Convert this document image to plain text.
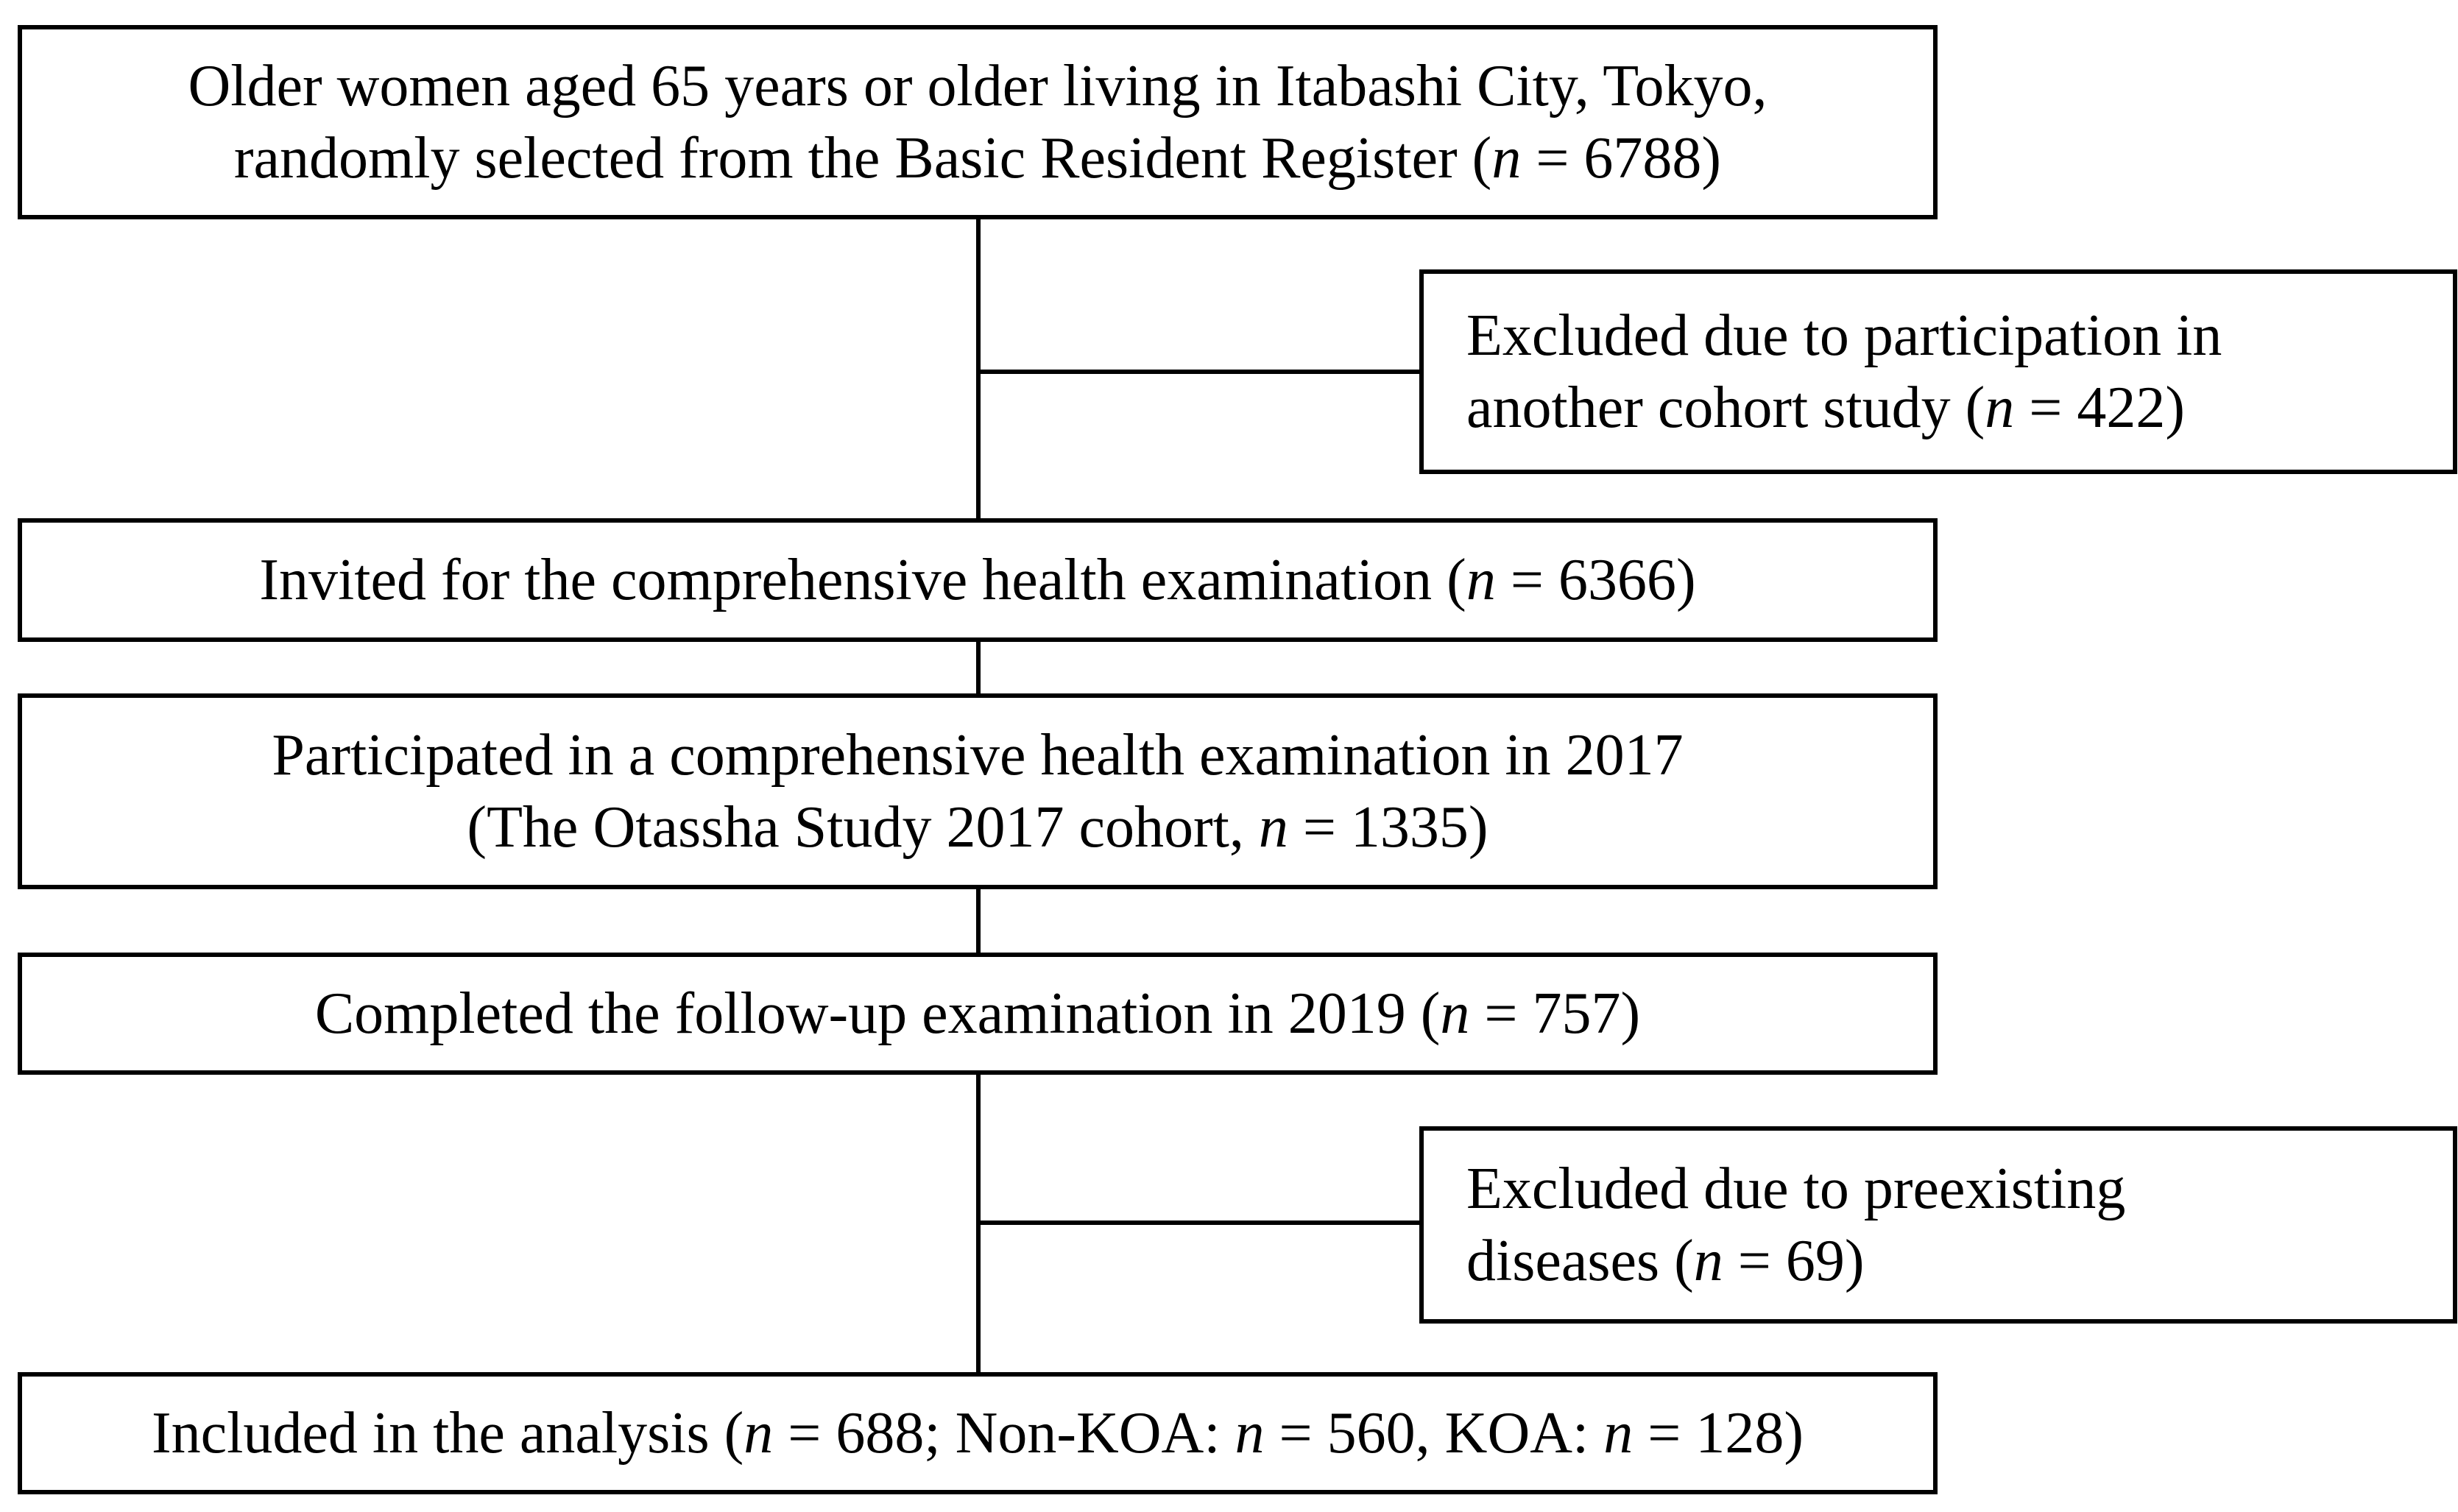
Older women aged 65 years or older living in Itabashi City, Tokyo,
randomly selected from the Basic Resident Register (n = 6788)
Excluded due to participation in
another cohort study (n = 422)
Invited for the comprehensive health examination (n = 6366)
Participated in a comprehensive health examination in 2017
(The Otassha Study 2017 cohort, n = 1335)
Completed the follow-up examination in 2019 (n = 757)
Excluded due to preexisting
diseases (n = 69)
Included in the analysis (n = 688; Non-KOA: n = 560, KOA: n = 128)
